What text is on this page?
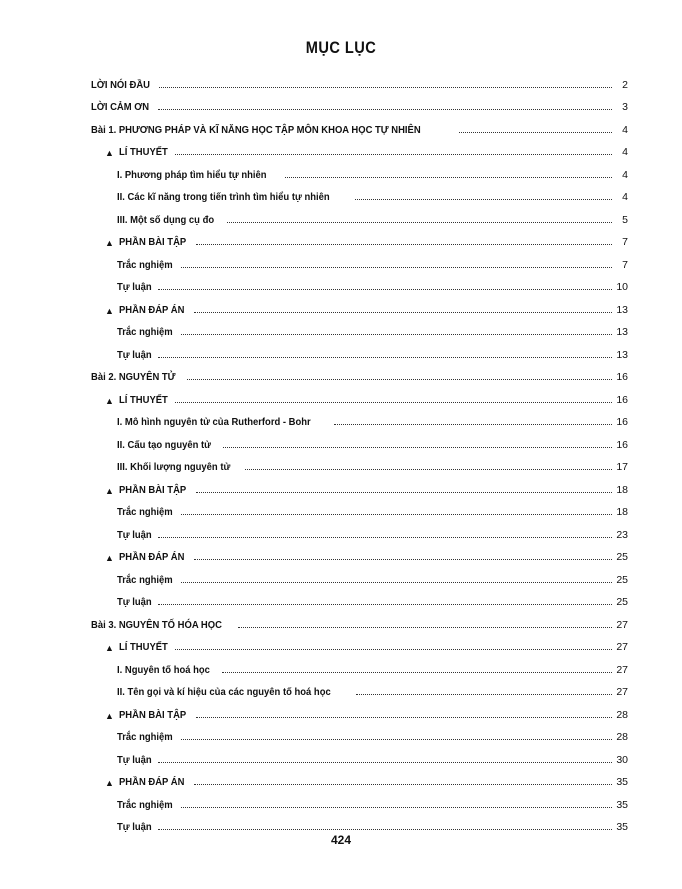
MỤC LỤC
LỜI NÓI ĐẦU	2
LỜI CẢM ƠN	3
Bài 1. PHƯƠNG PHÁP VÀ KĨ NĂNG HỌC TẬP MÔN KHOA HỌC TỰ NHIÊN	4
▲ LÍ THUYẾT	4
I. Phương pháp tìm hiểu tự nhiên	4
II. Các kĩ năng trong tiến trình tìm hiểu tự nhiên	4
III. Một số dụng cụ đo	5
▲ PHẦN BÀI TẬP	7
Trắc nghiệm	7
Tự luận	10
▲ PHẦN ĐÁP ÁN	13
Trắc nghiệm	13
Tự luận	13
Bài 2. NGUYÊN TỬ	16
▲ LÍ THUYẾT	16
I. Mô hình nguyên tử của Rutherford - Bohr	16
II. Cấu tạo nguyên tử	16
III. Khối lượng nguyên tử	17
▲ PHẦN BÀI TẬP	18
Trắc nghiệm	18
Tự luận	23
▲ PHẦN ĐÁP ÁN	25
Trắc nghiệm	25
Tự luận	25
Bài 3. NGUYÊN TỐ HÓA HỌC	27
▲ LÍ THUYẾT	27
I. Nguyên tố hoá học	27
II. Tên gọi và kí hiệu của các nguyên tố hoá học	27
▲ PHẦN BÀI TẬP	28
Trắc nghiệm	28
Tự luận	30
▲ PHẦN ĐÁP ÁN	35
Trắc nghiệm	35
Tự luận	35
424
